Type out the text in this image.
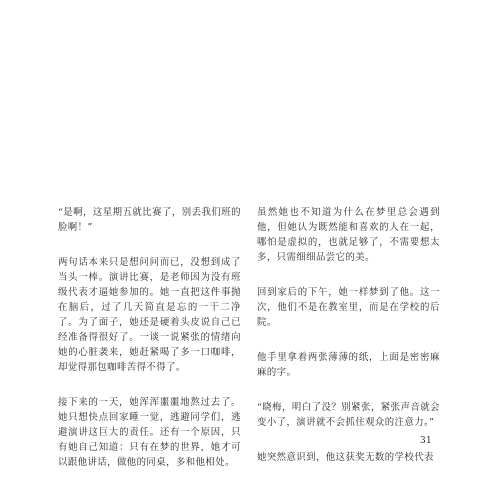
“是啊，这星期五就比赛了，别丢我们班的脸啊！”

两句话本来只是想问问而已，没想到成了当头一棒。演讲比赛，是老师因为没有班级代表才逼她参加的。她一直把这件事抛在脑后，过了几天简直是忘的一干二净了。为了面子，她还是硬着头皮说自己已经准备得很好了。一谈一说紧张的情绪向她的心脏袭来，她赶紧喝了多一口咖啡，却觉得那包咖啡苦得不得了。

接下来的一天，她浑浑噩噩地熬过去了。她只想快点回家睡一觉，逃避同学们，逃避演讲这巨大的责任。还有一个原因，只有她自己知道：只有在梦的世界，她才可以跟他讲话，做他的同桌，多和他相处。

虽然她也不知道为什么在梦里总会遇到他，但她认为既然能和喜欢的人在一起，哪怕是虚拟的，也就足够了，不需要想太多，只需细细品尝它的美。

回到家后的下午，她一样梦到了他。这一次，他们不是在教室里，而是在学校的后院。

他手里拿着两张薄薄的纸，上面是密密麻麻的字。

“晓梅，明白了没？别紧张，紧张声音就会变小了，演讲就不会抓住观众的注意力。”

她突然意识到，他这获奖无数的学校代表

31
